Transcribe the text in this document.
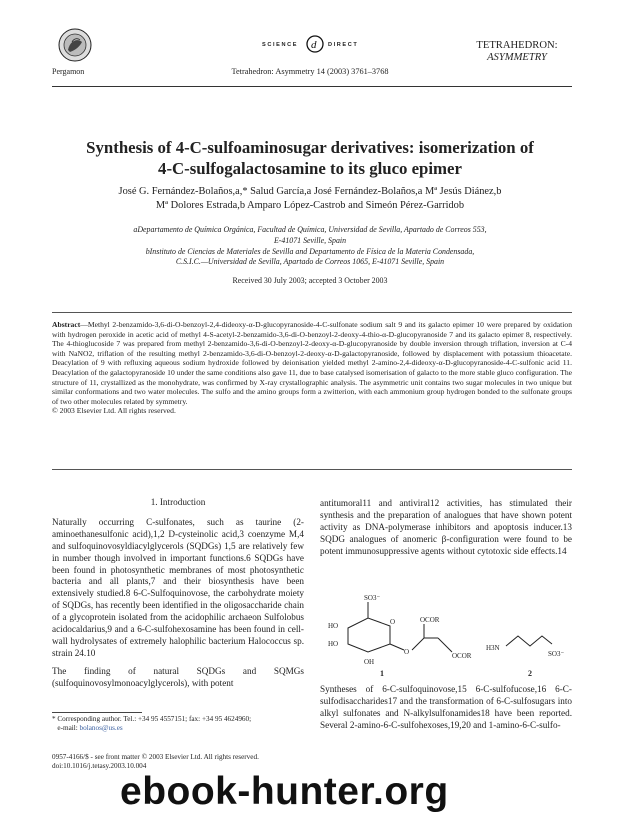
Pergamon
SCIENCE d DIRECT
Tetrahedron: Asymmetry 14 (2003) 3761–3768
TETRAHEDRON:
ASYMMETRY
Synthesis of 4-C-sulfoaminosugar derivatives: isomerization of
4-C-sulfogalactosamine to its gluco epimer
José G. Fernández-Bolaños,a,* Salud García,a José Fernández-Bolaños,a Mª Jesús Diánez,b
Mª Dolores Estrada,b Amparo López-Castrob and Simeón Pérez-Garridob
aDepartamento de Química Orgánica, Facultad de Química, Universidad de Sevilla, Apartado de Correos 553,
E-41071 Seville, Spain
bInstituto de Ciencias de Materiales de Sevilla and Departamento de Física de la Materia Condensada,
C.S.I.C.—Universidad de Sevilla, Apartado de Correos 1065, E-41071 Seville, Spain
Received 30 July 2003; accepted 3 October 2003
Abstract—Methyl 2-benzamido-3,6-di-O-benzoyl-2,4-dideoxy-α-D-glucopyranoside-4-C-sulfonate sodium salt 9 and its galacto epimer 10 were prepared by oxidation with hydrogen peroxide in acetic acid of methyl 4-S-acetyl-2-benzamido-3,6-di-O-benzoyl-2-deoxy-4-thio-α-D-glucopyranoside 7 and its galacto epimer 8, respectively. The 4-thioglucoside 7 was prepared from methyl 2-benzamido-3,6-di-O-benzoyl-2-deoxy-α-D-glucopyranoside by double inversion through triflation, inversion at C-4 with NaNO2, triflation of the resulting methyl 2-benzamido-3,6-di-O-benzoyl-2-deoxy-α-D-galactopyranoside, followed by displacement with potassium thioacetate. Deacylation of 9 with refluxing aqueous sodium hydroxide followed by deionisation yielded methyl 2-amino-2,4-dideoxy-α-D-glucopyranoside-4-C-sulfonic acid 11. Deacylation of the galactopyranoside 10 under the same conditions also gave 11, due to base catalysed isomerisation of galacto to the more stable gluco configuration. The structure of 11, crystallized as the monohydrate, was confirmed by X-ray crystallographic analysis. The asymmetric unit contains two sugar molecules in two unique but similar conformations and two water molecules. The sulfo and the amino groups form a zwitterion, with each ammonium group hydrogen bonded to the sulfonate groups of two other molecules related by symmetry.
© 2003 Elsevier Ltd. All rights reserved.
1. Introduction

Naturally occurring C-sulfonates, such as taurine (2-aminoethanesulfonic acid),1,2 D-cysteinolic acid,3 coenzyme M,4 and sulfoquinovosyldiacylglycerols (SQDGs) 1,5 are relatively few in number though involved in important functions.6 SQDGs have been found in photosynthetic membranes of most photosynthetic bacteria and all plants,7 and their biosynthesis have been extensively studied.8 6-C-Sulfoquinovose, the carbohydrate moiety of SQDGs, has recently been identified in the oligosaccharide chain of a glycoprotein isolated from the acidophilic archaeon Sulfolobus acidocaldarius,9 and a 6-C-sulfohexosamine has been found in cell-wall hydrolysates of extremely halophilic bacterium Halococcus sp. strain 24.10

The finding of natural SQDGs and SQMGs (sulfoquinovosylmonoacylglycerols), with potent

antitumoral11 and antiviral12 activities, has stimulated their synthesis and the preparation of analogues that have shown potent activity as DNA-polymerase inhibitors and apoptosis inducer.13 SQDG analogues of anomeric β-configuration were found to be potent immunosuppressive agents without cytotoxic side effects.14

SO3⁻
HO
HO
OH
O
O
OCOR
OCOR
1
H3N
SO3⁻
2

Syntheses of 6-C-sulfoquinovose,15 6-C-sulfofucose,16 6-C-sulfodisaccharides17 and the transformation of 6-C-sulfosugars into alkyl sulfonates and N-alkylsulfonamides18 have been reported. Several 2-amino-6-C-sulfohexoses,19,20 and 1-amino-6-C-sulfo-

* Corresponding author. Tel.: +34 95 4557151; fax: +34 95 4624960;
e-mail: bolanos@us.es
0957-4166/$ - see front matter © 2003 Elsevier Ltd. All rights reserved.
doi:10.1016/j.tetasy.2003.10.004
ebook-hunter.org
